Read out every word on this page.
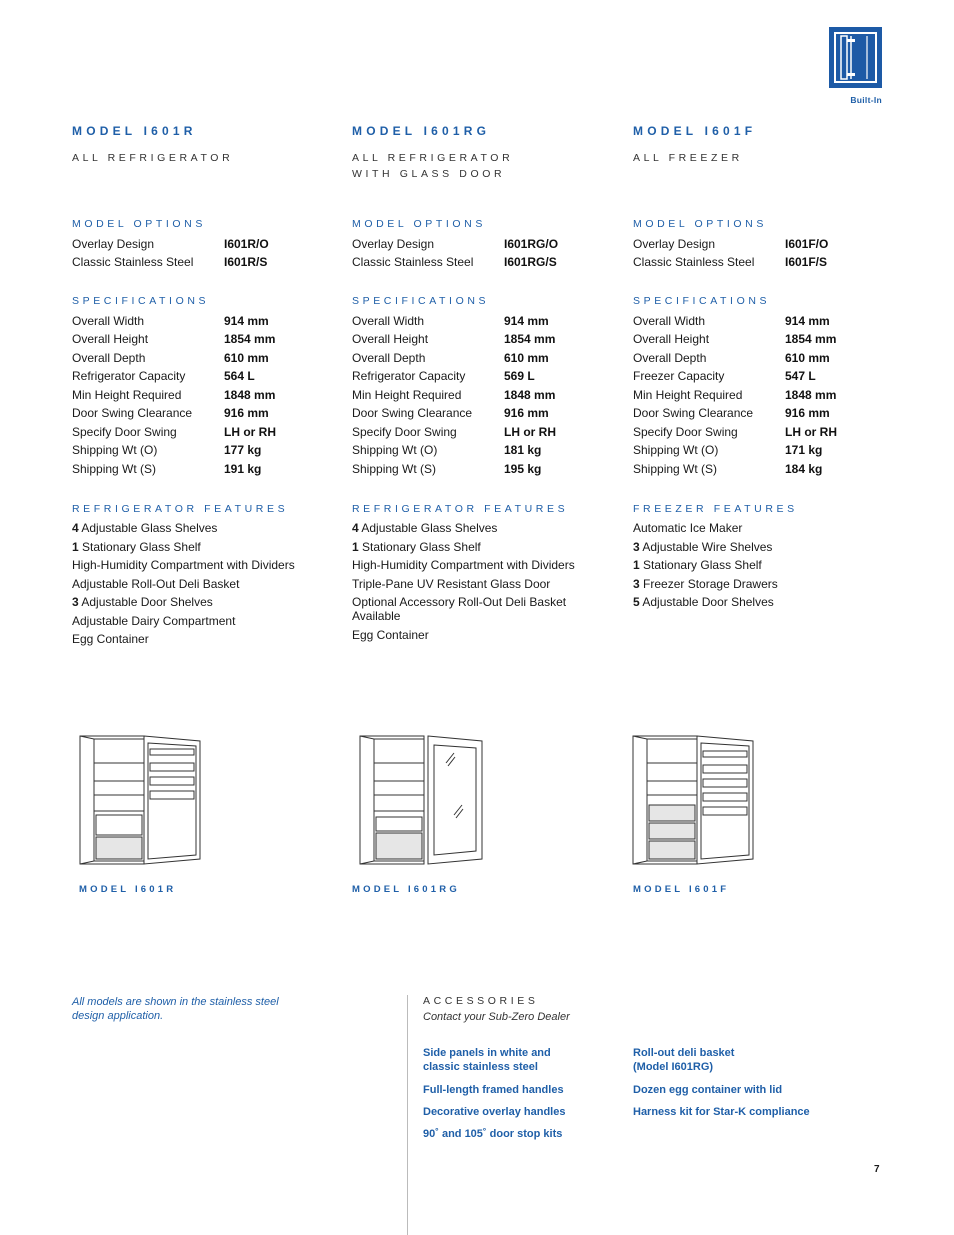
Built-In
MODEL I601R
ALL REFRIGERATOR
MODEL OPTIONS
Overlay Design	I601R/O
Classic Stainless Steel	I601R/S
SPECIFICATIONS
Overall Width	914 mm
Overall Height	1854 mm
Overall Depth	610 mm
Refrigerator Capacity	564 L
Min Height Required	1848 mm
Door Swing Clearance	916 mm
Specify Door Swing	LH or RH
Shipping Wt (O)	177 kg
Shipping Wt (S)	191 kg
REFRIGERATOR FEATURES
4 Adjustable Glass Shelves
1 Stationary Glass Shelf
High-Humidity Compartment with Dividers
Adjustable Roll-Out Deli Basket
3 Adjustable Door Shelves
Adjustable Dairy Compartment
Egg Container
MODEL I601RG
ALL REFRIGERATOR
WITH GLASS DOOR
MODEL OPTIONS
Overlay Design	I601RG/O
Classic Stainless Steel	I601RG/S
SPECIFICATIONS
Overall Width	914 mm
Overall Height	1854 mm
Overall Depth	610 mm
Refrigerator Capacity	569 L
Min Height Required	1848 mm
Door Swing Clearance	916 mm
Specify Door Swing	LH or RH
Shipping Wt (O)	181 kg
Shipping Wt (S)	195 kg
REFRIGERATOR FEATURES
4 Adjustable Glass Shelves
1 Stationary Glass Shelf
High-Humidity Compartment with Dividers
Triple-Pane UV Resistant Glass Door
Optional Accessory Roll-Out Deli Basket Available
Egg Container
MODEL I601F
ALL FREEZER
MODEL OPTIONS
Overlay Design	I601F/O
Classic Stainless Steel	I601F/S
SPECIFICATIONS
Overall Width	914 mm
Overall Height	1854 mm
Overall Depth	610 mm
Freezer Capacity	547 L
Min Height Required	1848 mm
Door Swing Clearance	916 mm
Specify Door Swing	LH or RH
Shipping Wt (O)	171 kg
Shipping Wt (S)	184 kg
FREEZER FEATURES
Automatic Ice Maker
3 Adjustable Wire Shelves
1 Stationary Glass Shelf
3 Freezer Storage Drawers
5 Adjustable Door Shelves
MODEL I601R	MODEL I601RG	MODEL I601F
All models are shown in the stainless steel design application.
ACCESSORIES
Contact your Sub-Zero Dealer
Side panels in white and classic stainless steel
Full-length framed handles
Decorative overlay handles
90˚ and 105˚ door stop kits
Roll-out deli basket (Model I601RG)
Dozen egg container with lid
Harness kit for Star-K compliance
7
